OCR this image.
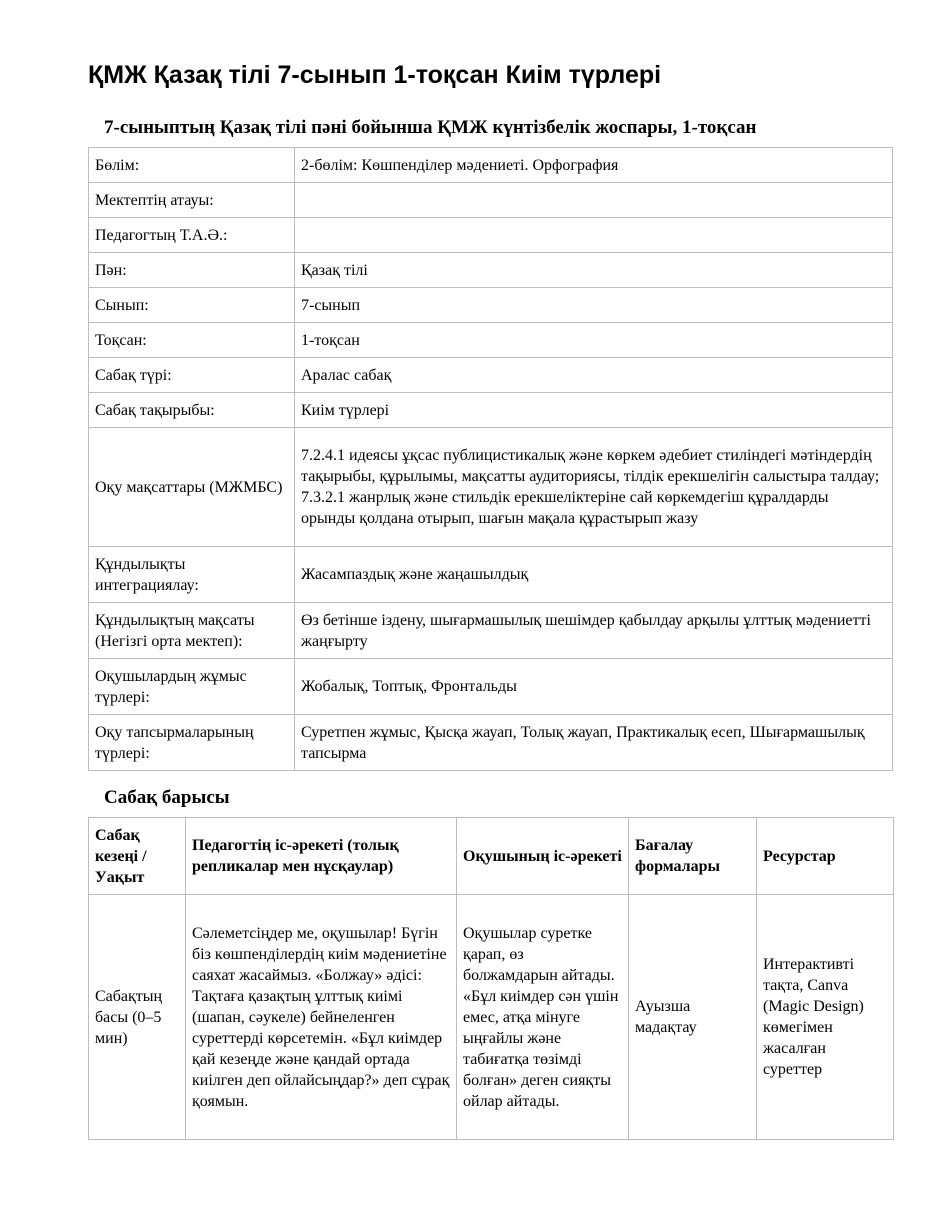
ҚМЖ Қазақ тілі 7-сынып 1-тоқсан Киім түрлері
7-сыныптың Қазақ тілі пәні бойынша ҚМЖ күнтізбелік жоспары, 1-тоқсан
Бөлім:	2-бөлім: Көшпенділер мәдениеті. Орфография
Мектептің атауы:	
Педагогтың Т.А.Ә.:	
Пән:	Қазақ тілі
Сынып:	7-сынып
Тоқсан:	1-тоқсан
Сабақ түрі:	Аралас сабақ
Сабақ тақырыбы:	Киім түрлері
Оқу мақсаттары (МЖМБС)	7.2.4.1 идеясы ұқсас публицистикалық және көркем әдебиет стиліндегі мәтіндердің тақырыбы, құрылымы, мақсатты аудиториясы, тілдік ерекшелігін салыстыра талдау; 7.3.2.1 жанрлық және стильдік ерекшеліктеріне сай көркемдегіш құралдарды орынды қолдана отырып, шағын мақала құрастырып жазу
Құндылықты интеграциялау:	Жасампаздық және жаңашылдық
Құндылықтың мақсаты (Негізгі орта мектеп):	Өз бетінше іздену, шығармашылық шешімдер қабылдау арқылы ұлттық мәдениетті жаңғырту
Оқушылардың жұмыс түрлері:	Жобалық, Топтық, Фронтальды
Оқу тапсырмаларының түрлері:	Суретпен жұмыс, Қысқа жауап, Толық жауап, Практикалық есеп, Шығармашылық тапсырма
Сабақ барысы
Сабақ кезеңі / Уақыт	Педагогтің іс-әрекеті (толық репликалар мен нұсқаулар)	Оқушының іс-әрекеті	Бағалау формалары	Ресурстар
Сабақтың басы (0–5 мин)	Сәлеметсіңдер ме, оқушылар! Бүгін біз көшпенділердің киім мәдениетіне саяхат жасаймыз. «Болжау» әдісі: Тақтаға қазақтың ұлттық киімі (шапан, сәукеле) бейнеленген суреттерді көрсетемін. «Бұл киімдер қай кезеңде және қандай ортада киілген деп ойлайсыңдар?» деп сұрақ қоямын.	Оқушылар суретке қарап, өз болжамдарын айтады. «Бұл киімдер сән үшін емес, атқа мінуге ыңғайлы және табиғатқа төзімді болған» деген сияқты ойлар айтады.	Ауызша мадақтау	Интерактивті тақта, Canva (Magic Design) көмегімен жасалған суреттер
